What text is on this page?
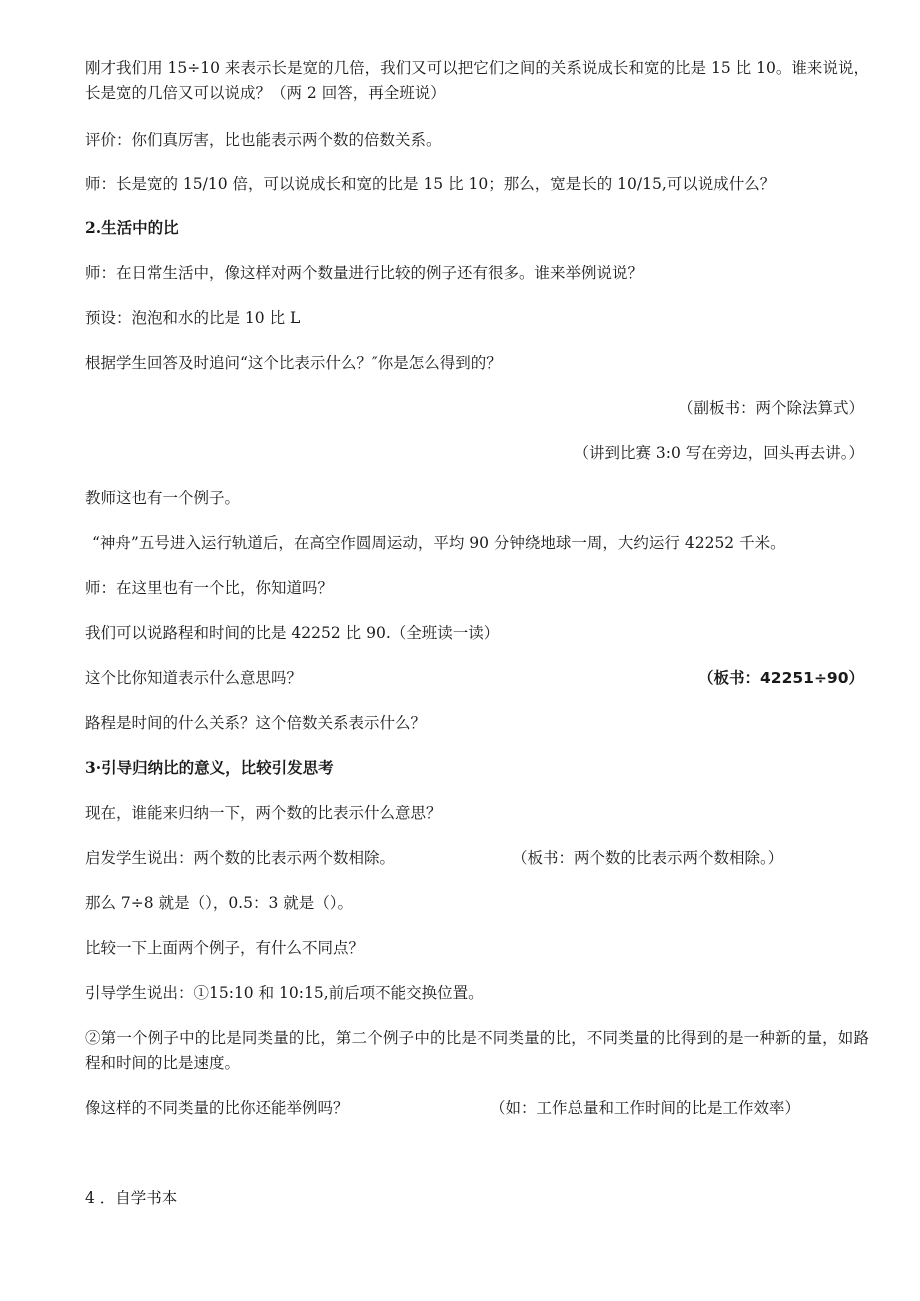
刚才我们用 15÷10 来表示长是宽的几倍，我们又可以把它们之间的关系说成长和宽的比是 15 比 10。谁来说说，长是宽的几倍又可以说成？（两 2 回答，再全班说）
评价：你们真厉害，比也能表示两个数的倍数关系。
师：长是宽的 15/10 倍，可以说成长和宽的比是 15 比 10；那么，宽是长的 10/15,可以说成什么？
2.生活中的比
师：在日常生活中，像这样对两个数量进行比较的例子还有很多。谁来举例说说？
预设：泡泡和水的比是 10 比 L
根据学生回答及时追问“这个比表示什么？″你是怎么得到的？
（副板书：两个除法算式）
（讲到比赛 3:0 写在旁边，回头再去讲。）
教师这也有一个例子。
“神舟”五号进入运行轨道后，在高空作圆周运动，平均 90 分钟绕地球一周，大约运行 42252 千米。
师：在这里也有一个比，你知道吗？
我们可以说路程和时间的比是 42252 比 90.（全班读一读）
这个比你知道表示什么意思吗？	（板书：42251÷90）
路程是时间的什么关系？这个倍数关系表示什么？
3·引导归纳比的意义，比较引发思考
现在，谁能来归纳一下，两个数的比表示什么意思？
启发学生说出：两个数的比表示两个数相除。	（板书：两个数的比表示两个数相除。）
那么 7÷8 就是（），0.5：3 就是（）。
比较一下上面两个例子，有什么不同点？
引导学生说出：①15:10 和 10:15,前后项不能交换位置。
②第一个例子中的比是同类量的比，第二个例子中的比是不同类量的比，不同类量的比得到的是一种新的量，如路程和时间的比是速度。
像这样的不同类量的比你还能举例吗？	（如：工作总量和工作时间的比是工作效率）
4 ．自学书本
